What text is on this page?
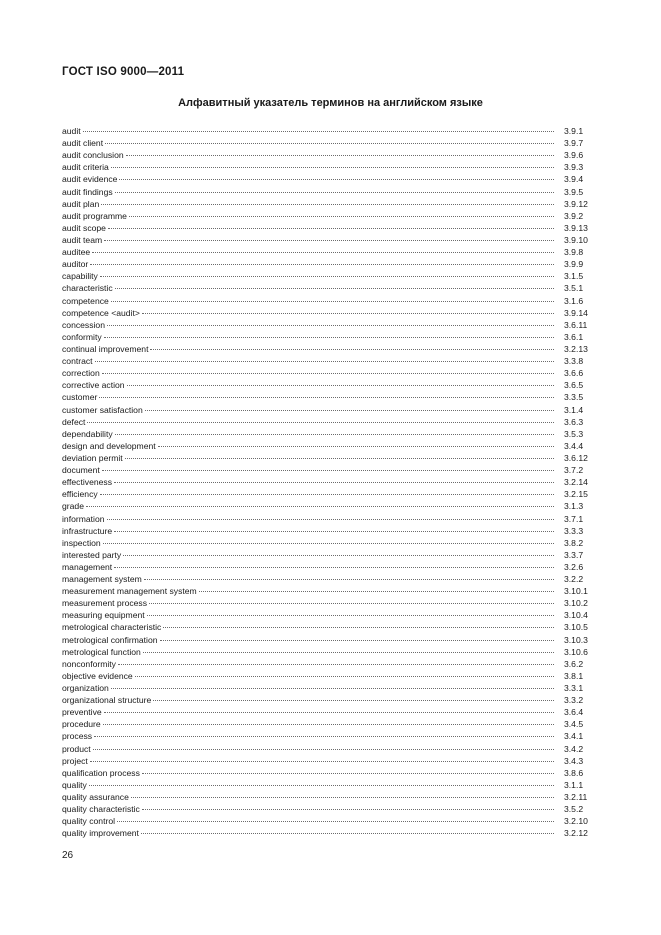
ГОСТ ISO 9000—2011
Алфавитный указатель терминов на английском языке
audit	3.9.1
audit client	3.9.7
audit conclusion	3.9.6
audit criteria	3.9.3
audit evidence	3.9.4
audit findings	3.9.5
audit plan	3.9.12
audit programme	3.9.2
audit scope	3.9.13
audit team	3.9.10
auditee	3.9.8
auditor	3.9.9
capability	3.1.5
characteristic	3.5.1
competence	3.1.6
competence <audit>	3.9.14
concession	3.6.11
conformity	3.6.1
continual improvement	3.2.13
contract	3.3.8
correction	3.6.6
corrective action	3.6.5
customer	3.3.5
customer satisfaction	3.1.4
defect	3.6.3
dependability	3.5.3
design and development	3.4.4
deviation permit	3.6.12
document	3.7.2
effectiveness	3.2.14
efficiency	3.2.15
grade	3.1.3
information	3.7.1
infrastructure	3.3.3
inspection	3.8.2
interested party	3.3.7
management	3.2.6
management system	3.2.2
measurement management system	3.10.1
measurement process	3.10.2
measuring equipment	3.10.4
metrological characteristic	3.10.5
metrological confirmation	3.10.3
metrological function	3.10.6
nonconformity	3.6.2
objective evidence	3.8.1
organization	3.3.1
organizational structure	3.3.2
preventive	3.6.4
procedure	3.4.5
process	3.4.1
product	3.4.2
project	3.4.3
qualification process	3.8.6
quality	3.1.1
quality assurance	3.2.11
quality characteristic	3.5.2
quality control	3.2.10
quality improvement	3.2.12
26
